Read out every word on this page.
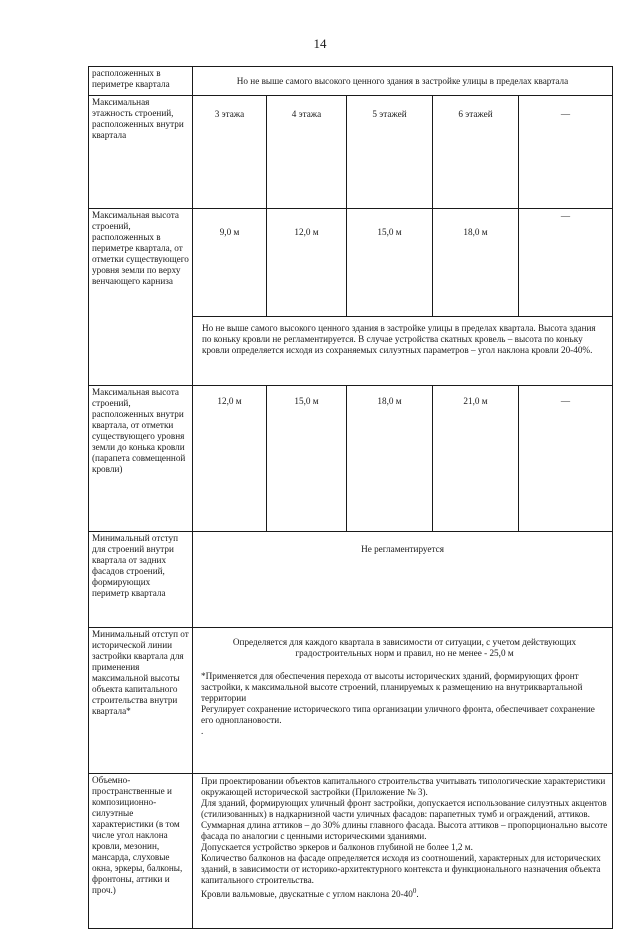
14
расположенных в периметре квартала	Но не выше самого высокого ценного здания в застройке улицы в пределах квартала				
Максимальная этажность строений, расположенных внутри квартала	3 этажа	4 этажа	5 этажей	6 этажей	—
Максимальная высота строений, расположенных в периметре квартала, от отметки существующего уровня земли по верху венчающего карниза	9,0 м	12,0 м	15,0 м	18,0 м	—
	Но не выше самого высокого ценного здания в застройке улицы в пределах квартала. Высота здания по коньку кровли не регламентируется. В случае устройства скатных кровель – высота по коньку кровли определяется исходя из сохраняемых силуэтных параметров – угол наклона кровли 20-40%.				
Максимальная высота строений, расположенных внутри квартала, от отметки существующего уровня земли до конька кровли (парапета совмещенной кровли)	12,0 м	15,0 м	18,0 м	21,0 м	—
Минимальный отступ для строений внутри квартала от задних фасадов строений, формирующих периметр квартала	Не регламентируется				
Минимальный отступ от исторической линии застройки квартала для применения максимальной высоты объекта капитального строительства внутри квартала*	Определяется для каждого квартала в зависимости от ситуации, с учетом действующих градостроительных норм и правил, но не менее - 25,0 м
*Применяется для обеспечения перехода от высоты исторических зданий, формирующих фронт застройки, к максимальной высоте строений, планируемых к размещению на внутриквартальной территории
Регулирует сохранение исторического типа организации уличного фронта, обеспечивает сохранение его одноплановости.
.				

Объемно-пространственные и композиционно-силуэтные характеристики (в том числе угол наклона кровли, мезонин, мансарда, слуховые окна, эркеры, балконы, фронтоны, аттики и проч.)	При проектировании объектов капитального строительства учитывать типологические характеристики окружающей исторической застройки (Приложение № 3).
Для зданий, формирующих уличный фронт застройки, допускается использование силуэтных акцентов (стилизованных) в надкарнизной части уличных фасадов: парапетных тумб и ограждений, аттиков. Суммарная длина аттиков – до 30% длины главного фасада. Высота аттиков – пропорционально высоте фасада по аналогии с ценными историческими зданиями.
Допускается устройство эркеров и балконов глубиной не более 1,2 м.
Количество балконов на фасаде определяется исходя из соотношений, характерных для исторических зданий, в зависимости от историко-архитектурного контекста и функционального назначения объекта капитального строительства.
Кровли вальмовые, двускатные с углом наклона $20-40^0$.				
